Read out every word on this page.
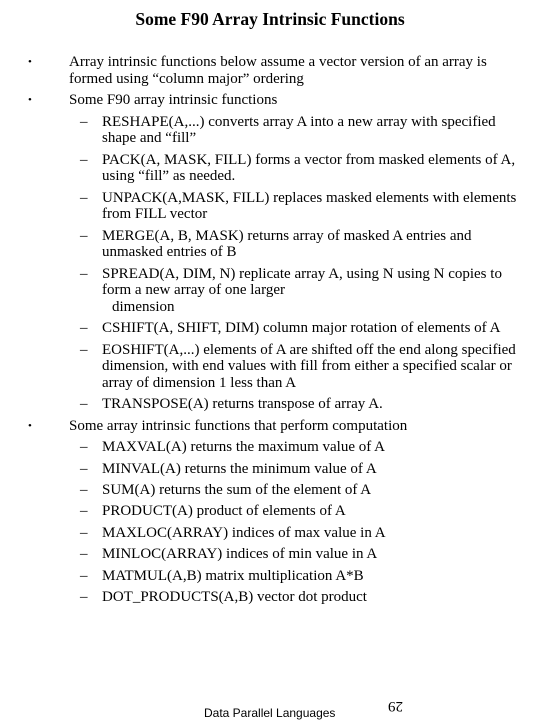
Some F90 Array Intrinsic Functions
• Array intrinsic functions below assume a vector version of an array is formed using “column major” ordering
• Some F90 array intrinsic functions
– RESHAPE(A,...) converts array A into a new array with specified shape and “fill”
– PACK(A, MASK, FILL) forms a vector from masked elements of A, using “fill” as needed.
– UNPACK(A,MASK, FILL) replaces masked elements with elements from FILL vector
– MERGE(A, B, MASK) returns array of masked A entries and unmasked entries of B
– SPREAD(A, DIM, N) replicate array A, using N using N copies to form a new array of one larger
dimension
– CSHIFT(A, SHIFT, DIM) column major rotation of elements of A
– EOSHIFT(A,...) elements of A are shifted off the end along specified dimension, with end values with fill from either a specified scalar or array of dimension 1 less than A
– TRANSPOSE(A) returns transpose of array A.
• Some array intrinsic functions that perform computation
– MAXVAL(A) returns the maximum value of A
– MINVAL(A) returns the minimum value of A
– SUM(A) returns the sum of the element of A
– PRODUCT(A) product of elements of A
– MAXLOC(ARRAY) indices of max value in A
– MINLOC(ARRAY) indices of min value in A
– MATMUL(A,B) matrix multiplication A*B
– DOT_PRODUCTS(A,B) vector dot product
Data Parallel Languages	29
